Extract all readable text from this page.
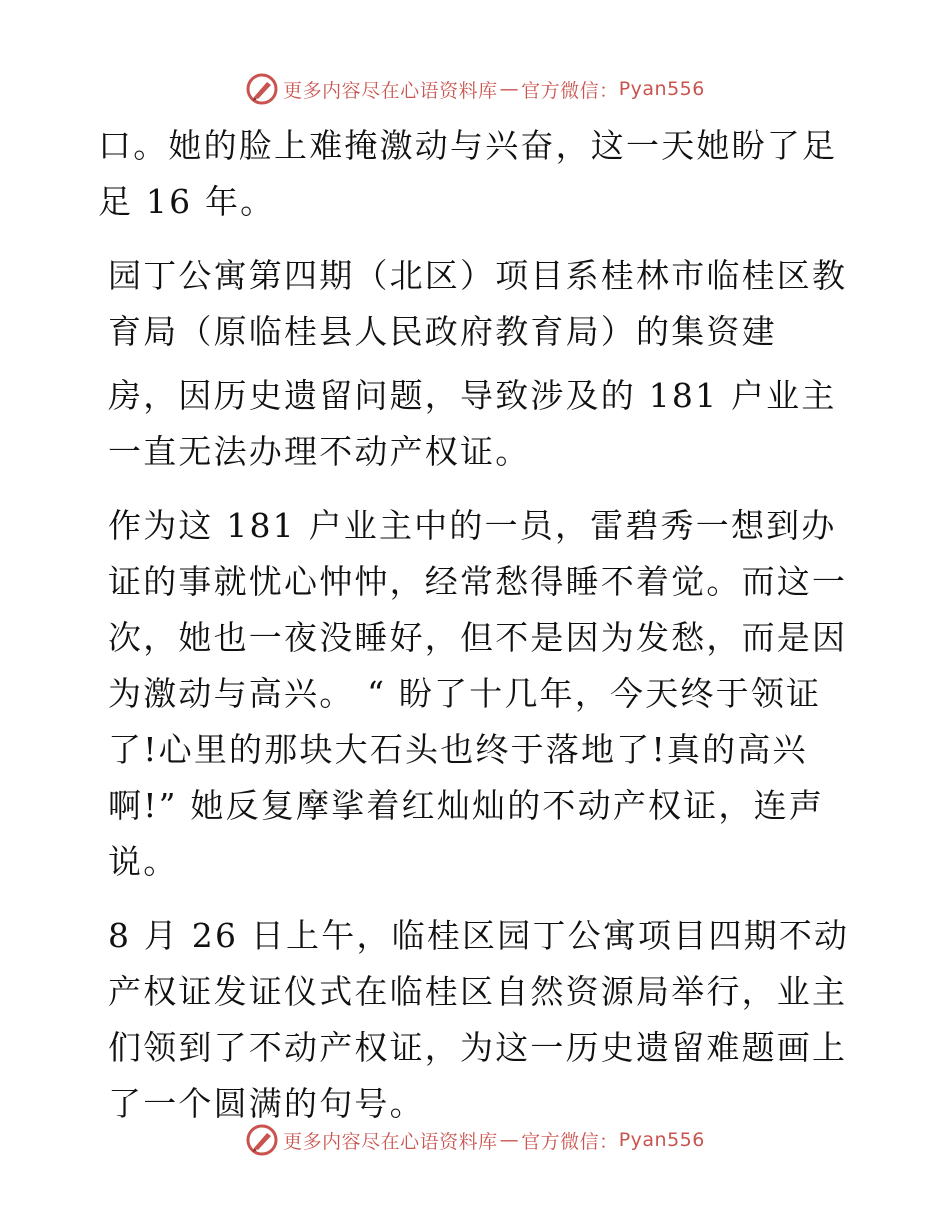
更多内容尽在心语资料库 — 官方微信： Pyan556

口。她的脸上难掩激动与兴奋，这一天她盼了足足 16 年。

园丁公寓第四期（北区）项目系桂林市临桂区教育局（原临桂县人民政府教育局）的集资建

房，因历史遗留问题，导致涉及的 181 户业主一直无法办理不动产权证。

作为这 181 户业主中的一员，雷碧秀一想到办证的事就忧心忡忡，经常愁得睡不着觉。而这一次，她也一夜没睡好，但不是因为发愁，而是因为激动与高兴。 “ 盼了十几年，今天终于领证了!心里的那块大石头也终于落地了!真的高兴啊!” 她反复摩挲着红灿灿的不动产权证，连声说。

8 月 26 日上午，临桂区园丁公寓项目四期不动产权证发证仪式在临桂区自然资源局举行，业主们领到了不动产权证，为这一历史遗留难题画上了一个圆满的句号。

更多内容尽在心语资料库 — 官方微信： Pyan556
